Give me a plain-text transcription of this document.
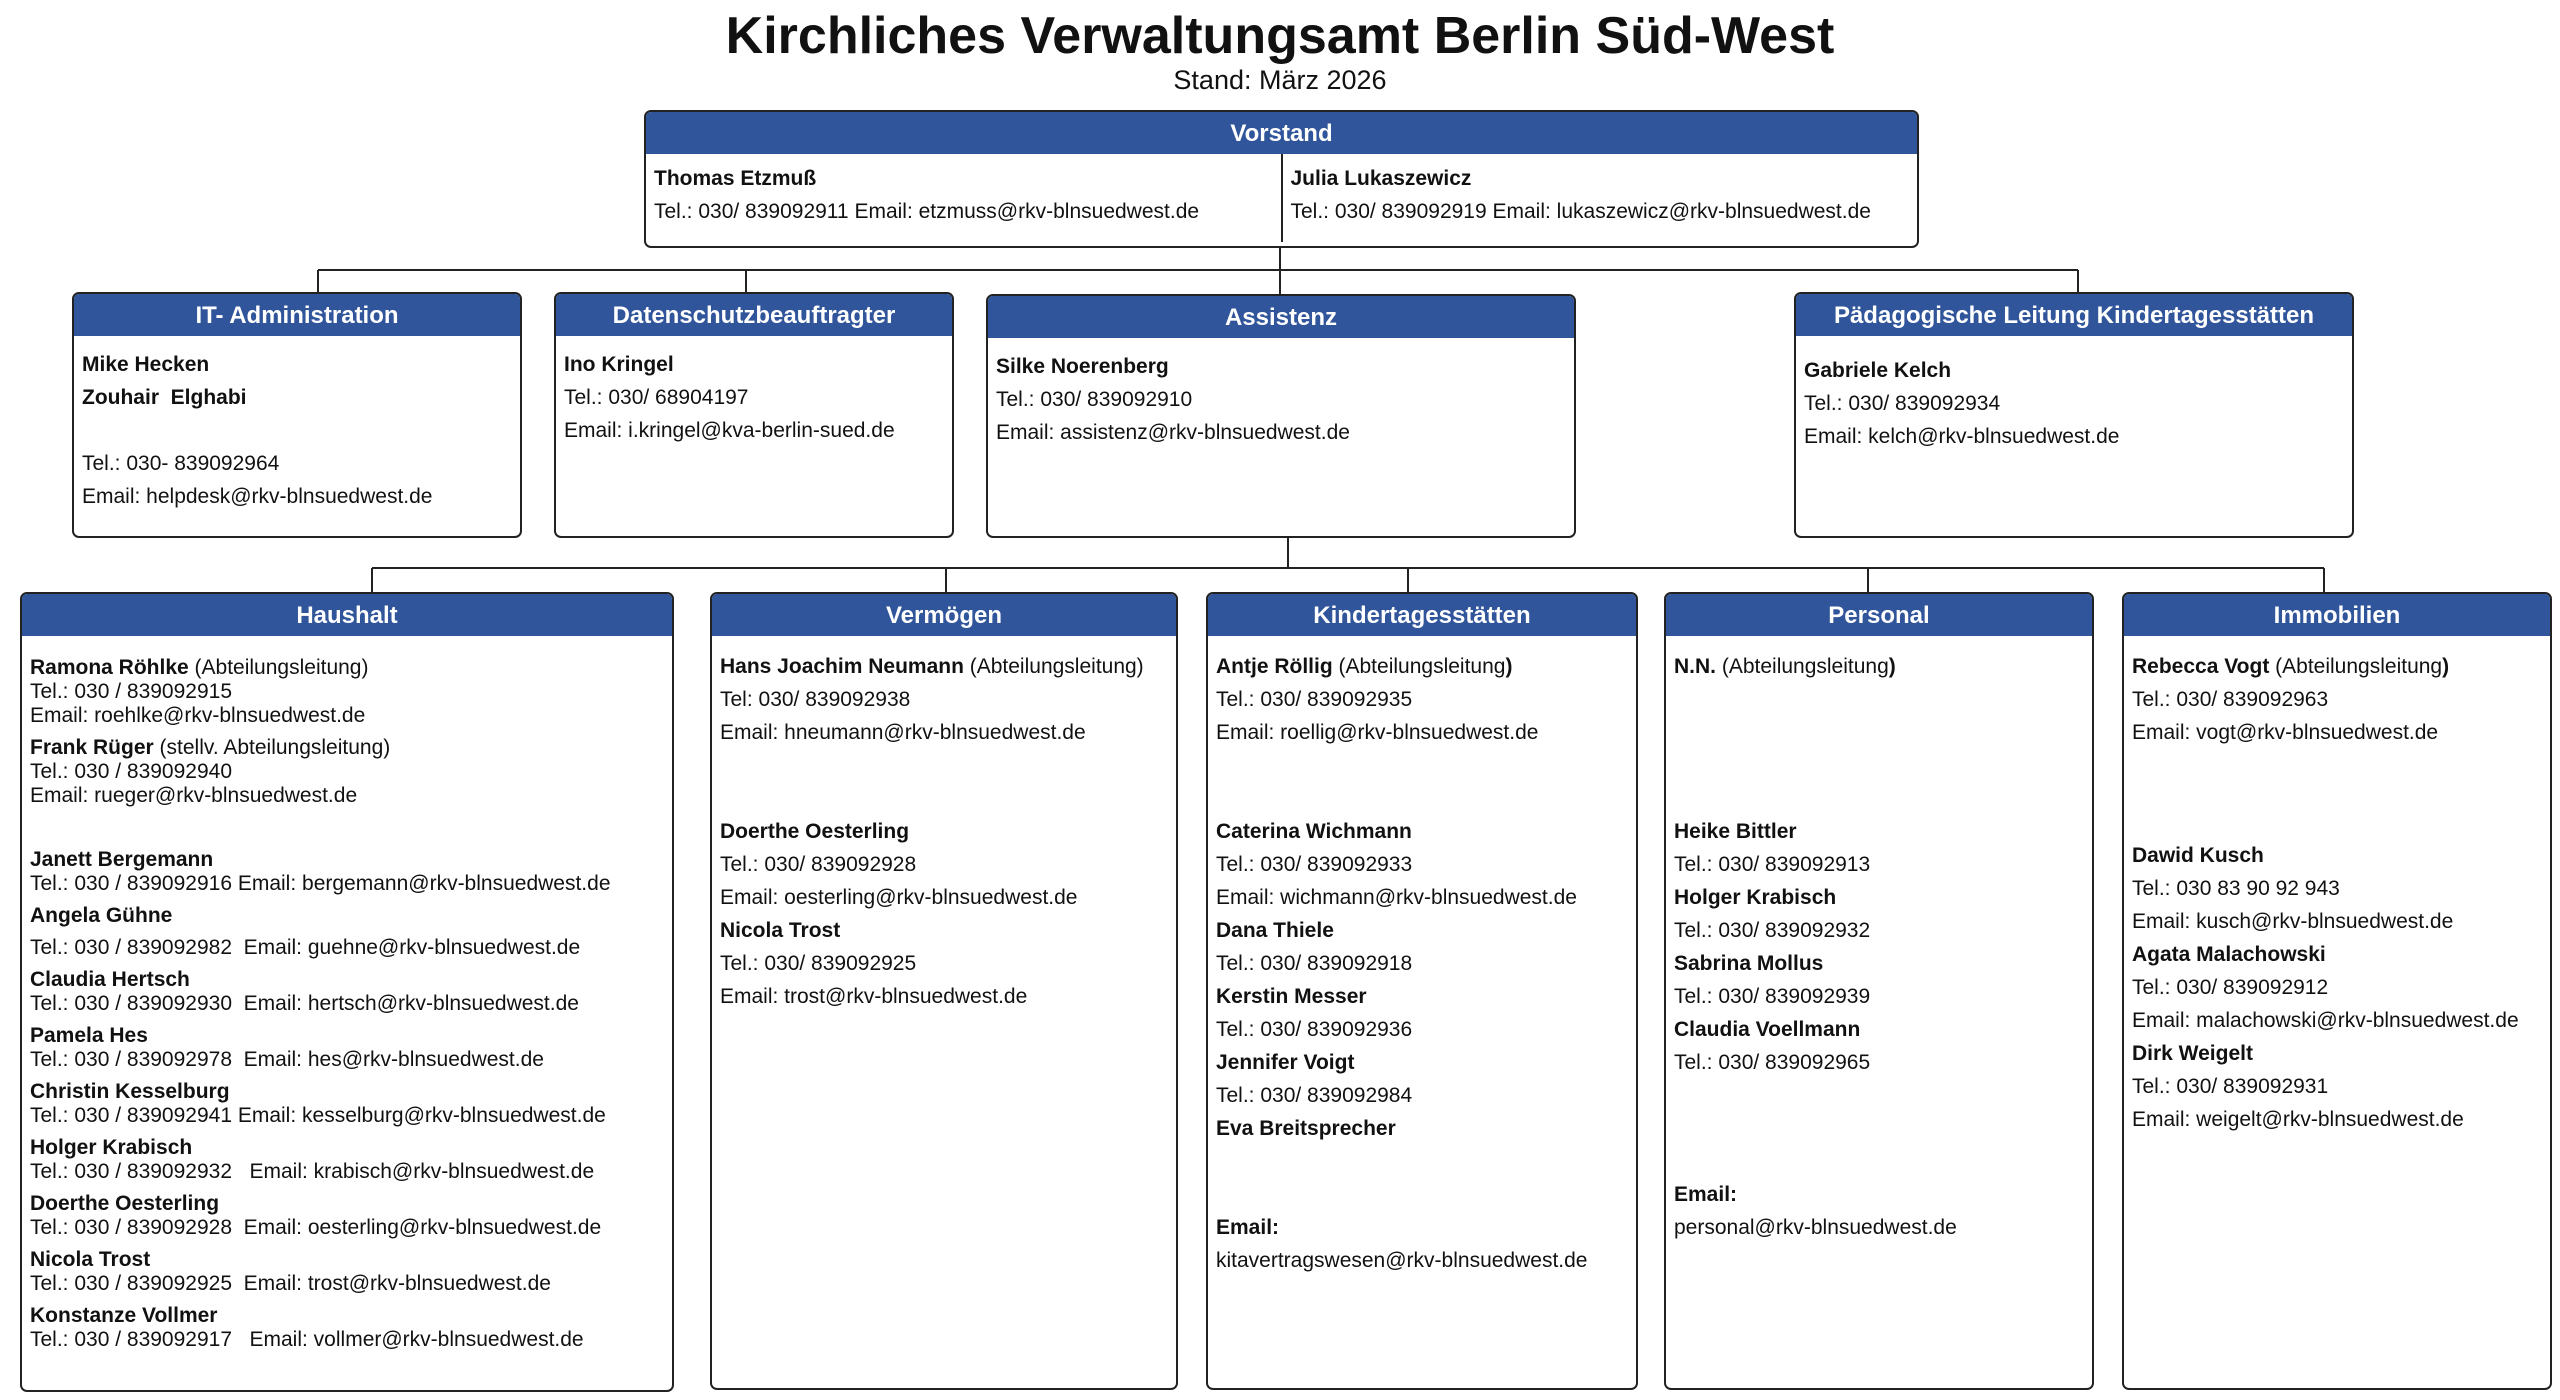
Kirchliches Verwaltungsamt Berlin Süd-West
Stand: März 2026
Vorstand
Thomas Etzmuß
Tel.: 030/ 839092911 Email: etzmuss@rkv-blnsuedwest.de
Julia Lukaszewicz
Tel.: 030/ 839092919 Email: lukaszewicz@rkv-blnsuedwest.de
IT- Administration
Mike Hecken
Zouhair  Elghabi
Tel.: 030- 839092964
Email: helpdesk@rkv-blnsuedwest.de
Datenschutzbeauftragter
Ino Kringel
Tel.: 030/ 68904197
Email: i.kringel@kva-berlin-sued.de
Assistenz
Silke Noerenberg
Tel.: 030/ 839092910
Email: assistenz@rkv-blnsuedwest.de
Pädagogische Leitung Kindertagesstätten
Gabriele Kelch
Tel.: 030/ 839092934
Email: kelch@rkv-blnsuedwest.de
Haushalt
Ramona Röhlke (Abteilungsleitung)
Tel.: 030 / 839092915
Email: roehlke@rkv-blnsuedwest.de
Frank Rüger (stellv. Abteilungsleitung)
Tel.: 030 / 839092940
Email: rueger@rkv-blnsuedwest.de
Janett Bergemann
Tel.: 030 / 839092916 Email: bergemann@rkv-blnsuedwest.de
Angela Gühne
Tel.: 030 / 839092982  Email: guehne@rkv-blnsuedwest.de
Claudia Hertsch
Tel.: 030 / 839092930  Email: hertsch@rkv-blnsuedwest.de
Pamela Hes
Tel.: 030 / 839092978  Email: hes@rkv-blnsuedwest.de
Christin Kesselburg
Tel.: 030 / 839092941 Email: kesselburg@rkv-blnsuedwest.de
Holger Krabisch
Tel.: 030 / 839092932   Email: krabisch@rkv-blnsuedwest.de
Doerthe Oesterling
Tel.: 030 / 839092928  Email: oesterling@rkv-blnsuedwest.de
Nicola Trost
Tel.: 030 / 839092925  Email: trost@rkv-blnsuedwest.de
Konstanze Vollmer
Tel.: 030 / 839092917   Email: vollmer@rkv-blnsuedwest.de
Vermögen
Hans Joachim Neumann (Abteilungsleitung)
Tel: 030/ 839092938
Email: hneumann@rkv-blnsuedwest.de
Doerthe Oesterling
Tel.: 030/ 839092928
Email: oesterling@rkv-blnsuedwest.de
Nicola Trost
Tel.: 030/ 839092925
Email: trost@rkv-blnsuedwest.de
Kindertagesstätten
Antje Röllig (Abteilungsleitung)
Tel.: 030/ 839092935
Email: roellig@rkv-blnsuedwest.de
Caterina Wichmann
Tel.: 030/ 839092933
Email: wichmann@rkv-blnsuedwest.de
Dana Thiele
Tel.: 030/ 839092918
Kerstin Messer
Tel.: 030/ 839092936
Jennifer Voigt
Tel.: 030/ 839092984
Eva Breitsprecher
Email:
kitavertragswesen@rkv-blnsuedwest.de
Personal
N.N. (Abteilungsleitung)
Heike Bittler
Tel.: 030/ 839092913
Holger Krabisch
Tel.: 030/ 839092932
Sabrina Mollus
Tel.: 030/ 839092939
Claudia Voellmann
Tel.: 030/ 839092965
Email:
personal@rkv-blnsuedwest.de
Immobilien
Rebecca Vogt (Abteilungsleitung)
Tel.: 030/ 839092963
Email: vogt@rkv-blnsuedwest.de
Dawid Kusch
Tel.: 030 83 90 92 943
Email: kusch@rkv-blnsuedwest.de
Agata Malachowski
Tel.: 030/ 839092912
Email: malachowski@rkv-blnsuedwest.de
Dirk Weigelt
Tel.: 030/ 839092931
Email: weigelt@rkv-blnsuedwest.de
